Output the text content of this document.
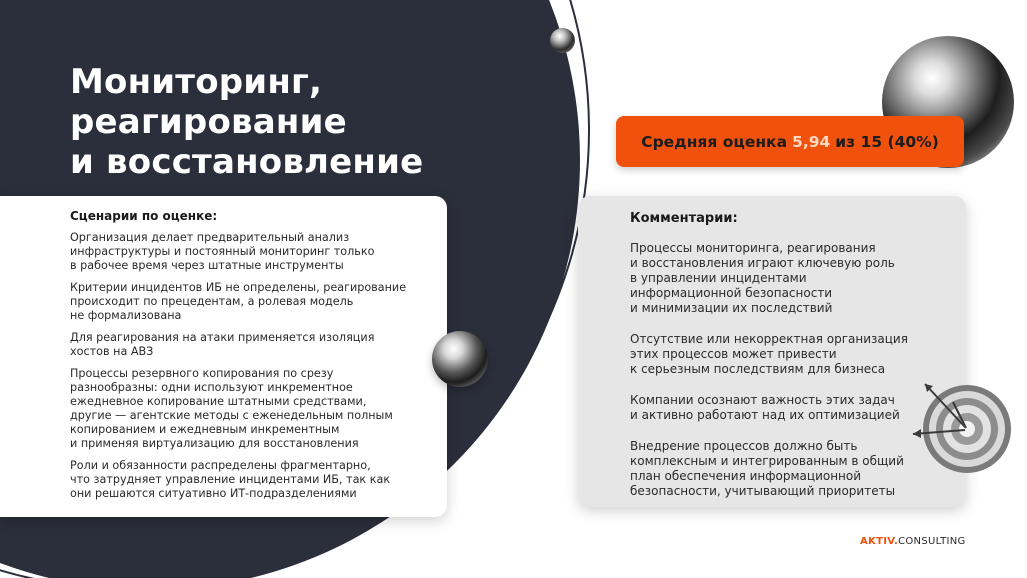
Мониторинг,
реагирование
и восстановление
Средняя оценка 5,94 из 15 (40%)
Сценарии по оценке:

Организация делает предварительный анализ
инфраструктуры и постоянный мониторинг только
в рабочее время через штатные инструменты

Критерии инцидентов ИБ не определены, реагирование
происходит по прецедентам, а ролевая модель
не формализована

Для реагирования на атаки применяется изоляция
хостов на АВЗ

Процессы резервного копирования по срезу
разнообразны: одни используют инкрементное
ежедневное копирование штатными средствами,
другие — агентские методы с еженедельным полным
копированием и ежедневным инкрементным
и применяя виртуализацию для восстановления

Роли и обязанности распределены фрагментарно,
что затрудняет управление инцидентами ИБ, так как
они решаются ситуативно ИТ-подразделениями

Комментарии:

Процессы мониторинга, реагирования
и восстановления играют ключевую роль
в управлении инцидентами
информационной безопасности
и минимизации их последствий

Отсутствие или некорректная организация
этих процессов может привести
к серьезным последствиям для бизнеса

Компании осознают важность этих задач
и активно работают над их оптимизацией

Внедрение процессов должно быть
комплексным и интегрированным в общий
план обеспечения информационной
безопасности, учитывающий приоритеты

AKTIV.CONSULTING
